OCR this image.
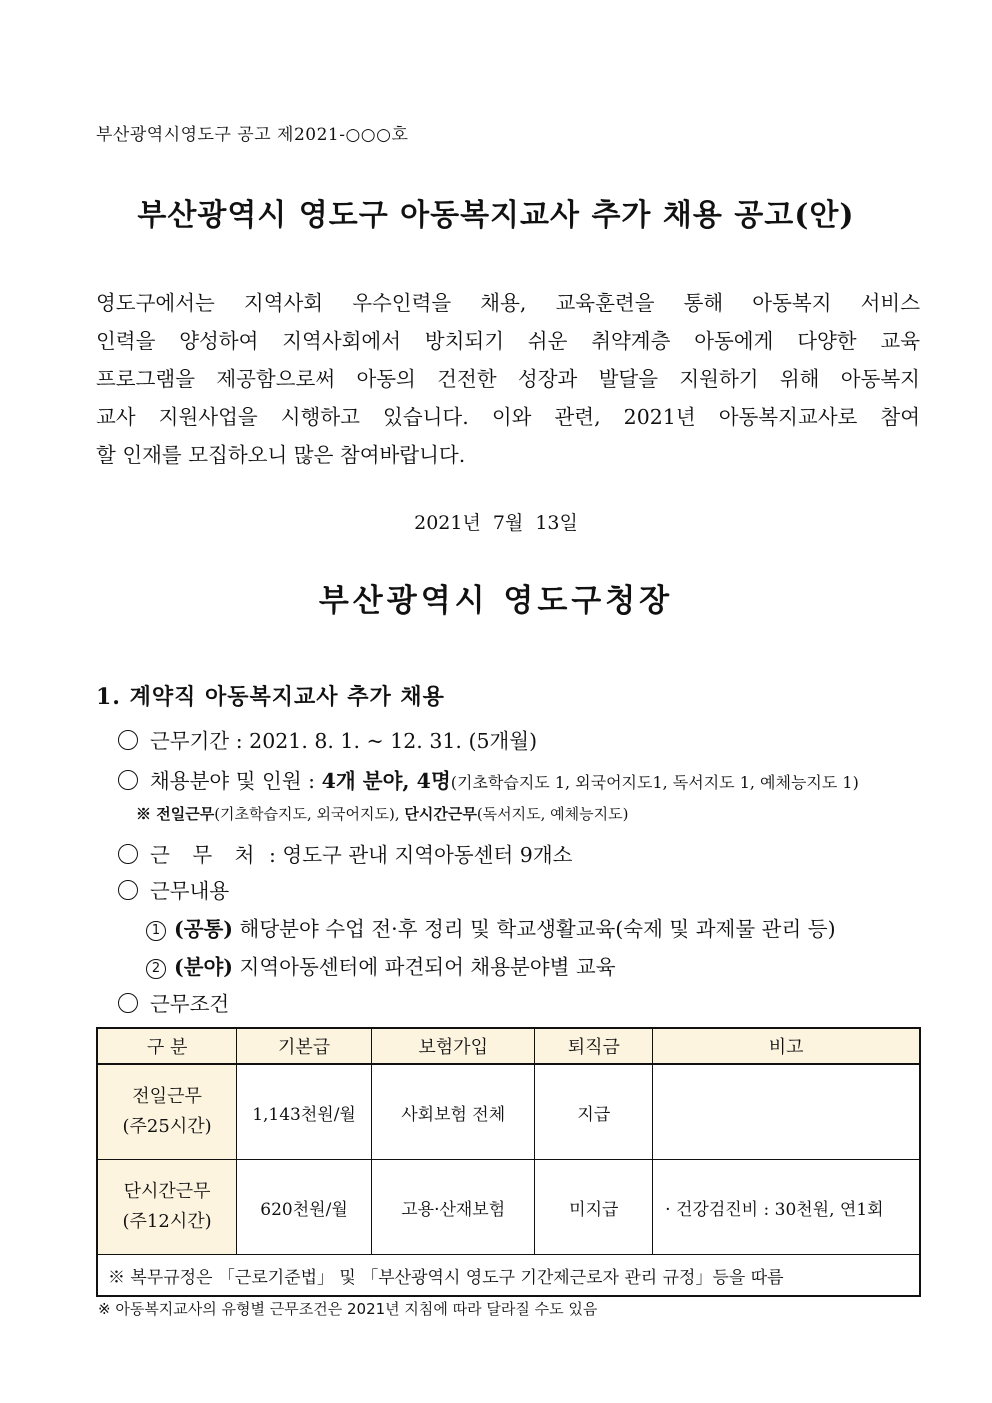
부산광역시영도구 공고 제2021-○○○호
부산광역시 영도구 아동복지교사 추가 채용 공고(안)

영도구에서는 지역사회 우수인력을 채용, 교육훈련을 통해 아동복지 서비스

인력을 양성하여 지역사회에서 방치되기 쉬운 취약계층 아동에게 다양한 교육

프로그램을 제공함으로써 아동의 건전한 성장과 발달을 지원하기 위해 아동복지

교사 지원사업을 시행하고 있습니다. 이와 관련, 2021년 아동복지교사로 참여

할 인재를 모집하오니 많은 참여바랍니다.

2021년 7월 13일
부산광역시 영도구청장
1. 계약직 아동복지교사 추가 채용
근무기간 : 2021. 8. 1. ~ 12. 31. (5개월)
채용분야 및 인원 : 4개 분야, 4명(기초학습지도 1, 외국어지도1, 독서지도 1, 예체능지도 1)
※ 전일근무(기초학습지도, 외국어지도), 단시간근무(독서지도, 예체능지도)
근 무 처 : 영도구 관내 지역아동센터 9개소
근무내용
1 (공통) 해당분야 수업 전·후 정리 및 학교생활교육(숙제 및 과제물 관리 등)
2 (분야) 지역아동센터에 파견되어 채용분야별 교육
근무조건
구 분	기본급	보험가입	퇴직금	비고

전일근무
(주25시간)	1,143천원/월	사회보험 전체	지급	

단시간근무
(주12시간)	620천원/월	고용·산재보험	미지급	· 건강검진비 : 30천원, 연1회
※ 복무규정은 「근로기준법」 및 「부산광역시 영도구 기간제근로자 관리 규정」등을 따름				
※ 아동복지교사의 유형별 근무조건은 2021년 지침에 따라 달라질 수도 있음
